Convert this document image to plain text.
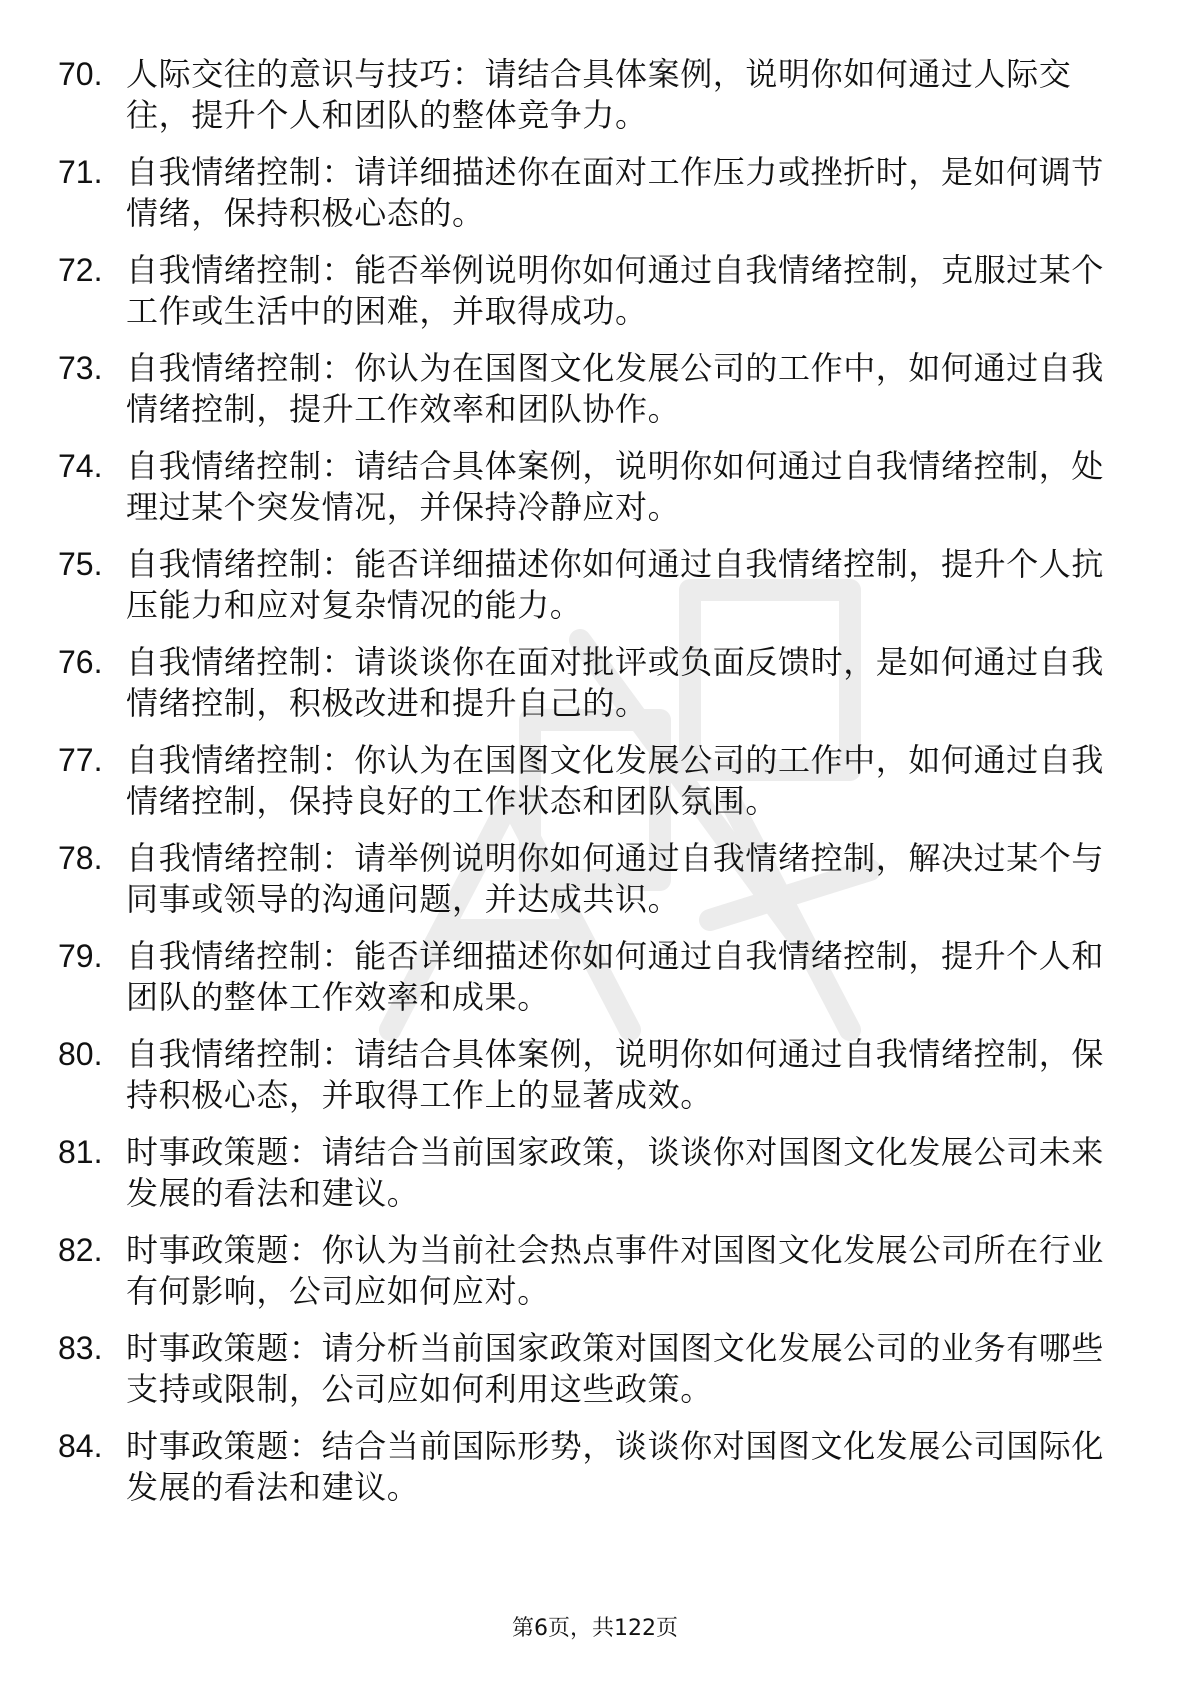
70. 人际交往的意识与技巧：请结合具体案例，说明你如何通过人际交往，提升个人和团队的整体竞争力。
71. 自我情绪控制：请详细描述你在面对工作压力或挫折时，是如何调节情绪，保持积极心态的。
72. 自我情绪控制：能否举例说明你如何通过自我情绪控制，克服过某个工作或生活中的困难，并取得成功。
73. 自我情绪控制：你认为在国图文化发展公司的工作中，如何通过自我情绪控制，提升工作效率和团队协作。
74. 自我情绪控制：请结合具体案例，说明你如何通过自我情绪控制，处理过某个突发情况，并保持冷静应对。
75. 自我情绪控制：能否详细描述你如何通过自我情绪控制，提升个人抗压能力和应对复杂情况的能力。
76. 自我情绪控制：请谈谈你在面对批评或负面反馈时，是如何通过自我情绪控制，积极改进和提升自己的。
77. 自我情绪控制：你认为在国图文化发展公司的工作中，如何通过自我情绪控制，保持良好的工作状态和团队氛围。
78. 自我情绪控制：请举例说明你如何通过自我情绪控制，解决过某个与同事或领导的沟通问题，并达成共识。
79. 自我情绪控制：能否详细描述你如何通过自我情绪控制，提升个人和团队的整体工作效率和成果。
80. 自我情绪控制：请结合具体案例，说明你如何通过自我情绪控制，保持积极心态，并取得工作上的显著成效。
81. 时事政策题：请结合当前国家政策，谈谈你对国图文化发展公司未来发展的看法和建议。
82. 时事政策题：你认为当前社会热点事件对国图文化发展公司所在行业有何影响，公司应如何应对。
83. 时事政策题：请分析当前国家政策对国图文化发展公司的业务有哪些支持或限制，公司应如何利用这些政策。
84. 时事政策题：结合当前国际形势，谈谈你对国图文化发展公司国际化发展的看法和建议。
第6页，共122页
